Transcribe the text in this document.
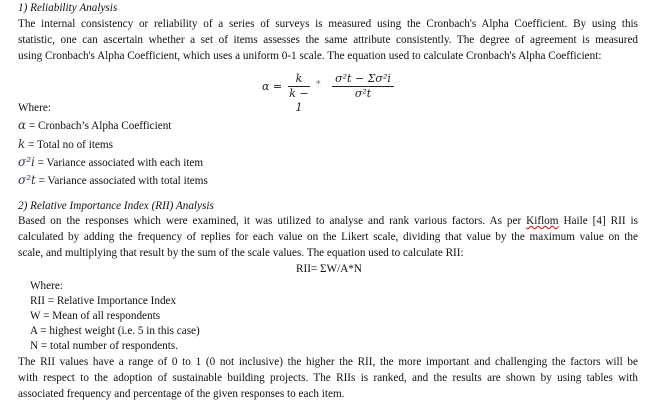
1) Reliability Analysis
The internal consistency or reliability of a series of surveys is measured using the Cronbach's Alpha Coefficient. By using this
statistic, one can ascertain whether a set of items assesses the same attribute consistently. The degree of agreement is measured
using Cronbach's Alpha Coefficient, which uses a uniform 0-1 scale. The equation used to calculate Cronbach's Alpha Coefficient:
$\alpha = \frac{k}{k - 1} * \frac{\text{σ²t − Σσ²i}}{\text{σ²t}}$
Where:
α = Cronbach’s Alpha Coefficient
k = Total no of items
σ²i = Variance associated with each item
σ²t = Variance associated with total items
2) Relative Importance Index (RII) Analysis
Based on the responses which were examined, it was utilized to analyse and rank various factors. As per Kiflom Haile [4] RII is
calculated by adding the frequency of replies for each value on the Likert scale, dividing that value by the maximum value on the
scale, and multiplying that result by the sum of the scale values. The equation used to calculate RII:
RII= ΣW/A*N
Where:
RII = Relative Importance Index
W = Mean of all respondents
A = highest weight (i.e. 5 in this case)
N = total number of respondents.
The RII values have a range of 0 to 1 (0 not inclusive) the higher the RII, the more important and challenging the factors will be
with respect to the adoption of sustainable building projects. The RIIs is ranked, and the results are shown by using tables with
associated frequency and percentage of the given responses to each item.
